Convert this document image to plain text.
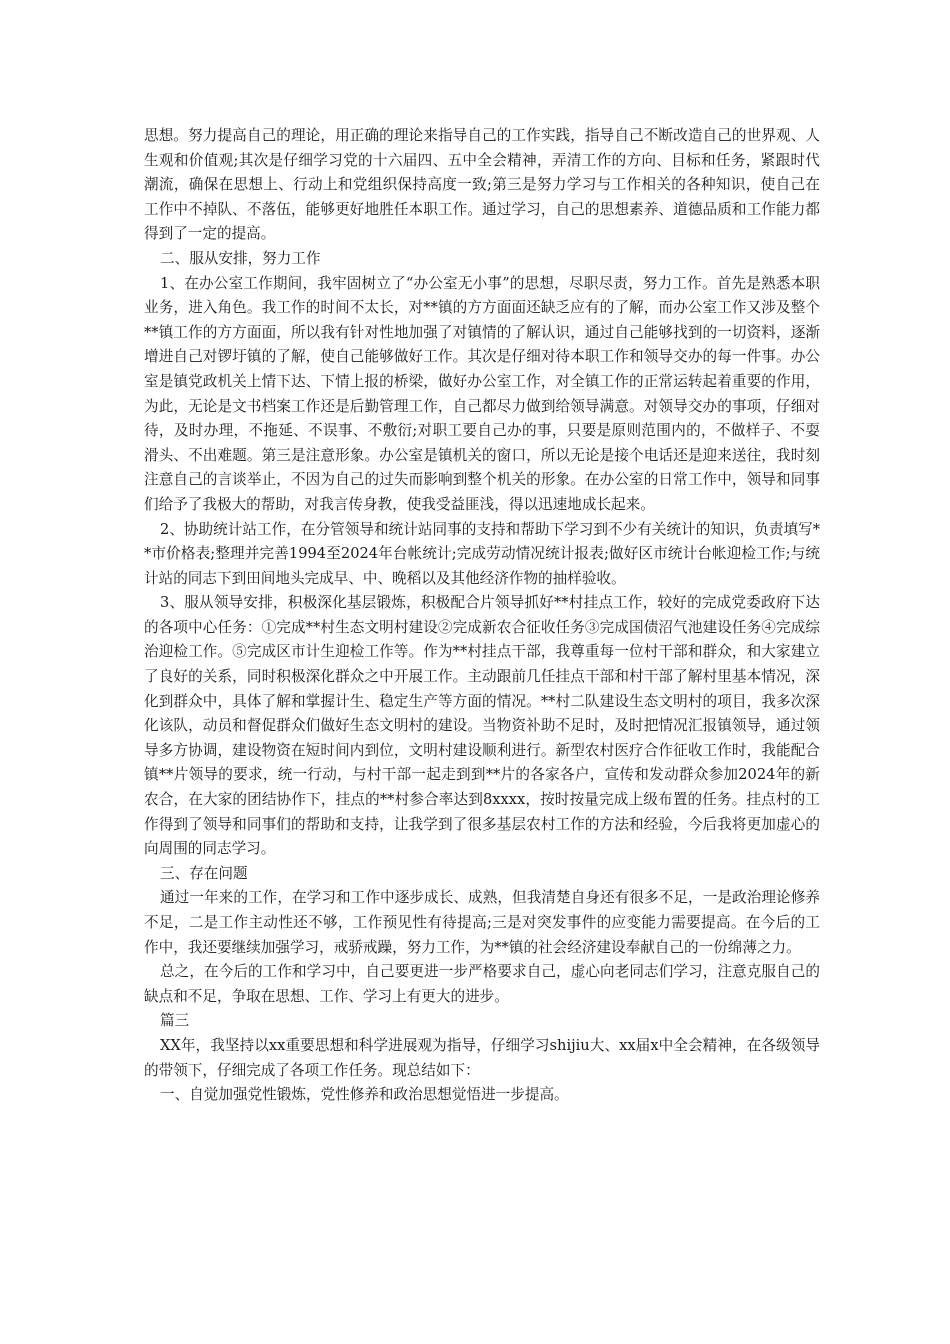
思想。努力提高自己的理论，用正确的理论来指导自己的工作实践，指导自己不断改造自己的世界观、人生观和价值观;其次是仔细学习党的十六届四、五中全会精神，弄清工作的方向、目标和任务，紧跟时代潮流，确保在思想上、行动上和党组织保持高度一致;第三是努力学习与工作相关的各种知识，使自己在工作中不掉队、不落伍，能够更好地胜任本职工作。通过学习，自己的思想素养、道德品质和工作能力都得到了一定的提高。

二、服从安排，努力工作

1、在办公室工作期间，我牢固树立了“办公室无小事”的思想，尽职尽责，努力工作。首先是熟悉本职业务，进入角色。我工作的时间不太长，对**镇的方方面面还缺乏应有的了解，而办公室工作又涉及整个**镇工作的方方面面，所以我有针对性地加强了对镇情的了解认识，通过自己能够找到的一切资料，逐渐增进自己对锣圩镇的了解，使自己能够做好工作。其次是仔细对待本职工作和领导交办的每一件事。办公室是镇党政机关上情下达、下情上报的桥梁，做好办公室工作，对全镇工作的正常运转起着重要的作用，为此，无论是文书档案工作还是后勤管理工作，自己都尽力做到给领导满意。对领导交办的事项，仔细对待，及时办理，不拖延、不误事、不敷衍;对职工要自己办的事，只要是原则范围内的，不做样子、不耍滑头、不出难题。第三是注意形象。办公室是镇机关的窗口，所以无论是接个电话还是迎来送往，我时刻注意自己的言谈举止，不因为自己的过失而影响到整个机关的形象。在办公室的日常工作中，领导和同事们给予了我极大的帮助，对我言传身教，使我受益匪浅，得以迅速地成长起来。

2、协助统计站工作，在分管领导和统计站同事的支持和帮助下学习到不少有关统计的知识，负责填写**市价格表;整理并完善1994至2024年台帐统计;完成劳动情况统计报表;做好区市统计台帐迎检工作;与统计站的同志下到田间地头完成早、中、晚稻以及其他经济作物的抽样验收。

3、服从领导安排，积极深化基层锻炼，积极配合片领导抓好**村挂点工作，较好的完成党委政府下达的各项中心任务：①完成**村生态文明村建设②完成新农合征收任务③完成国债沼气池建设任务④完成综治迎检工作。⑤完成区市计生迎检工作等。作为**村挂点干部，我尊重每一位村干部和群众，和大家建立了良好的关系，同时积极深化群众之中开展工作。主动跟前几任挂点干部和村干部了解村里基本情况，深化到群众中，具体了解和掌握计生、稳定生产等方面的情况。**村二队建设生态文明村的项目，我多次深化该队，动员和督促群众们做好生态文明村的建设。当物资补助不足时，及时把情况汇报镇领导，通过领导多方协调，建设物资在短时间内到位，文明村建设顺利进行。新型农村医疗合作征收工作时，我能配合镇**片领导的要求，统一行动，与村干部一起走到到**片的各家各户，宣传和发动群众参加2024年的新农合，在大家的团结协作下，挂点的**村参合率达到8xxxx，按时按量完成上级布置的任务。挂点村的工作得到了领导和同事们的帮助和支持，让我学到了很多基层农村工作的方法和经验，今后我将更加虚心的向周围的同志学习。

三、存在问题

通过一年来的工作，在学习和工作中逐步成长、成熟，但我清楚自身还有很多不足，一是政治理论修养不足，二是工作主动性还不够，工作预见性有待提高;三是对突发事件的应变能力需要提高。在今后的工作中，我还要继续加强学习，戒骄戒躁，努力工作，为**镇的社会经济建设奉献自己的一份绵薄之力。

总之，在今后的工作和学习中，自己要更进一步严格要求自己，虚心向老同志们学习，注意克服自己的缺点和不足，争取在思想、工作、学习上有更大的进步。

篇三

XX年，我坚持以xx重要思想和科学进展观为指导，仔细学习shijiu大、xx届x中全会精神，在各级领导的带领下，仔细完成了各项工作任务。现总结如下：

一、自觉加强党性锻炼，党性修养和政治思想觉悟进一步提高。
